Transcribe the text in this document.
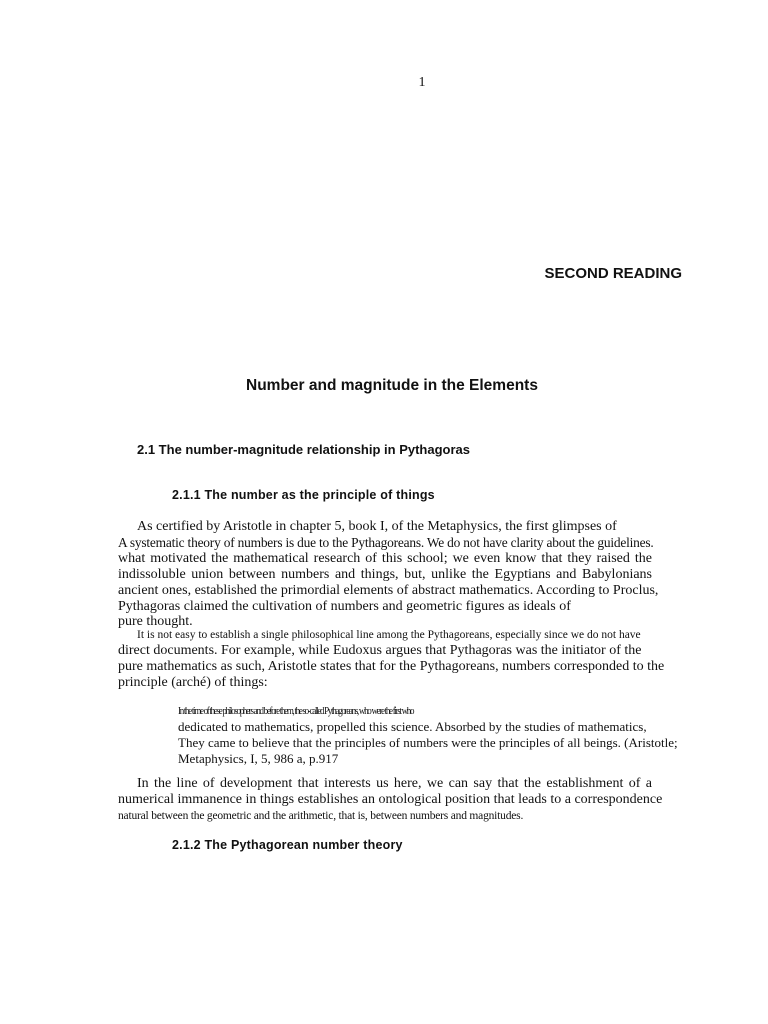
1
SECOND READING
Number and magnitude in the Elements
2.1 The number-magnitude relationship in Pythagoras
2.1.1 The number as the principle of things
As certified by Aristotle in chapter 5, book I, of the Metaphysics, the first glimpses of
A systematic theory of numbers is due to the Pythagoreans. We do not have clarity about the guidelines.
what motivated the mathematical research of this school; we even know that they raised the
indissoluble union between numbers and things, but, unlike the Egyptians and Babylonians
ancient ones, established the primordial elements of abstract mathematics. According to Proclus,
Pythagoras claimed the cultivation of numbers and geometric figures as ideals of
pure thought.
It is not easy to establish a single philosophical line among the Pythagoreans, especially since we do not have
direct documents. For example, while Eudoxus argues that Pythagoras was the initiator of the
pure mathematics as such, Aristotle states that for the Pythagoreans, numbers corresponded to the
principle (arché) of things:
In the time of these philosophers and before them, the so-called Pythagoreans, who were the first who
dedicated to mathematics, propelled this science. Absorbed by the studies of mathematics,
They came to believe that the principles of numbers were the principles of all beings. (Aristotle;
Metaphysics, I, 5, 986 a, p.917
In the line of development that interests us here, we can say that the establishment of a
numerical immanence in things establishes an ontological position that leads to a correspondence
natural between the geometric and the arithmetic, that is, between numbers and magnitudes.
2.1.2 The Pythagorean number theory
